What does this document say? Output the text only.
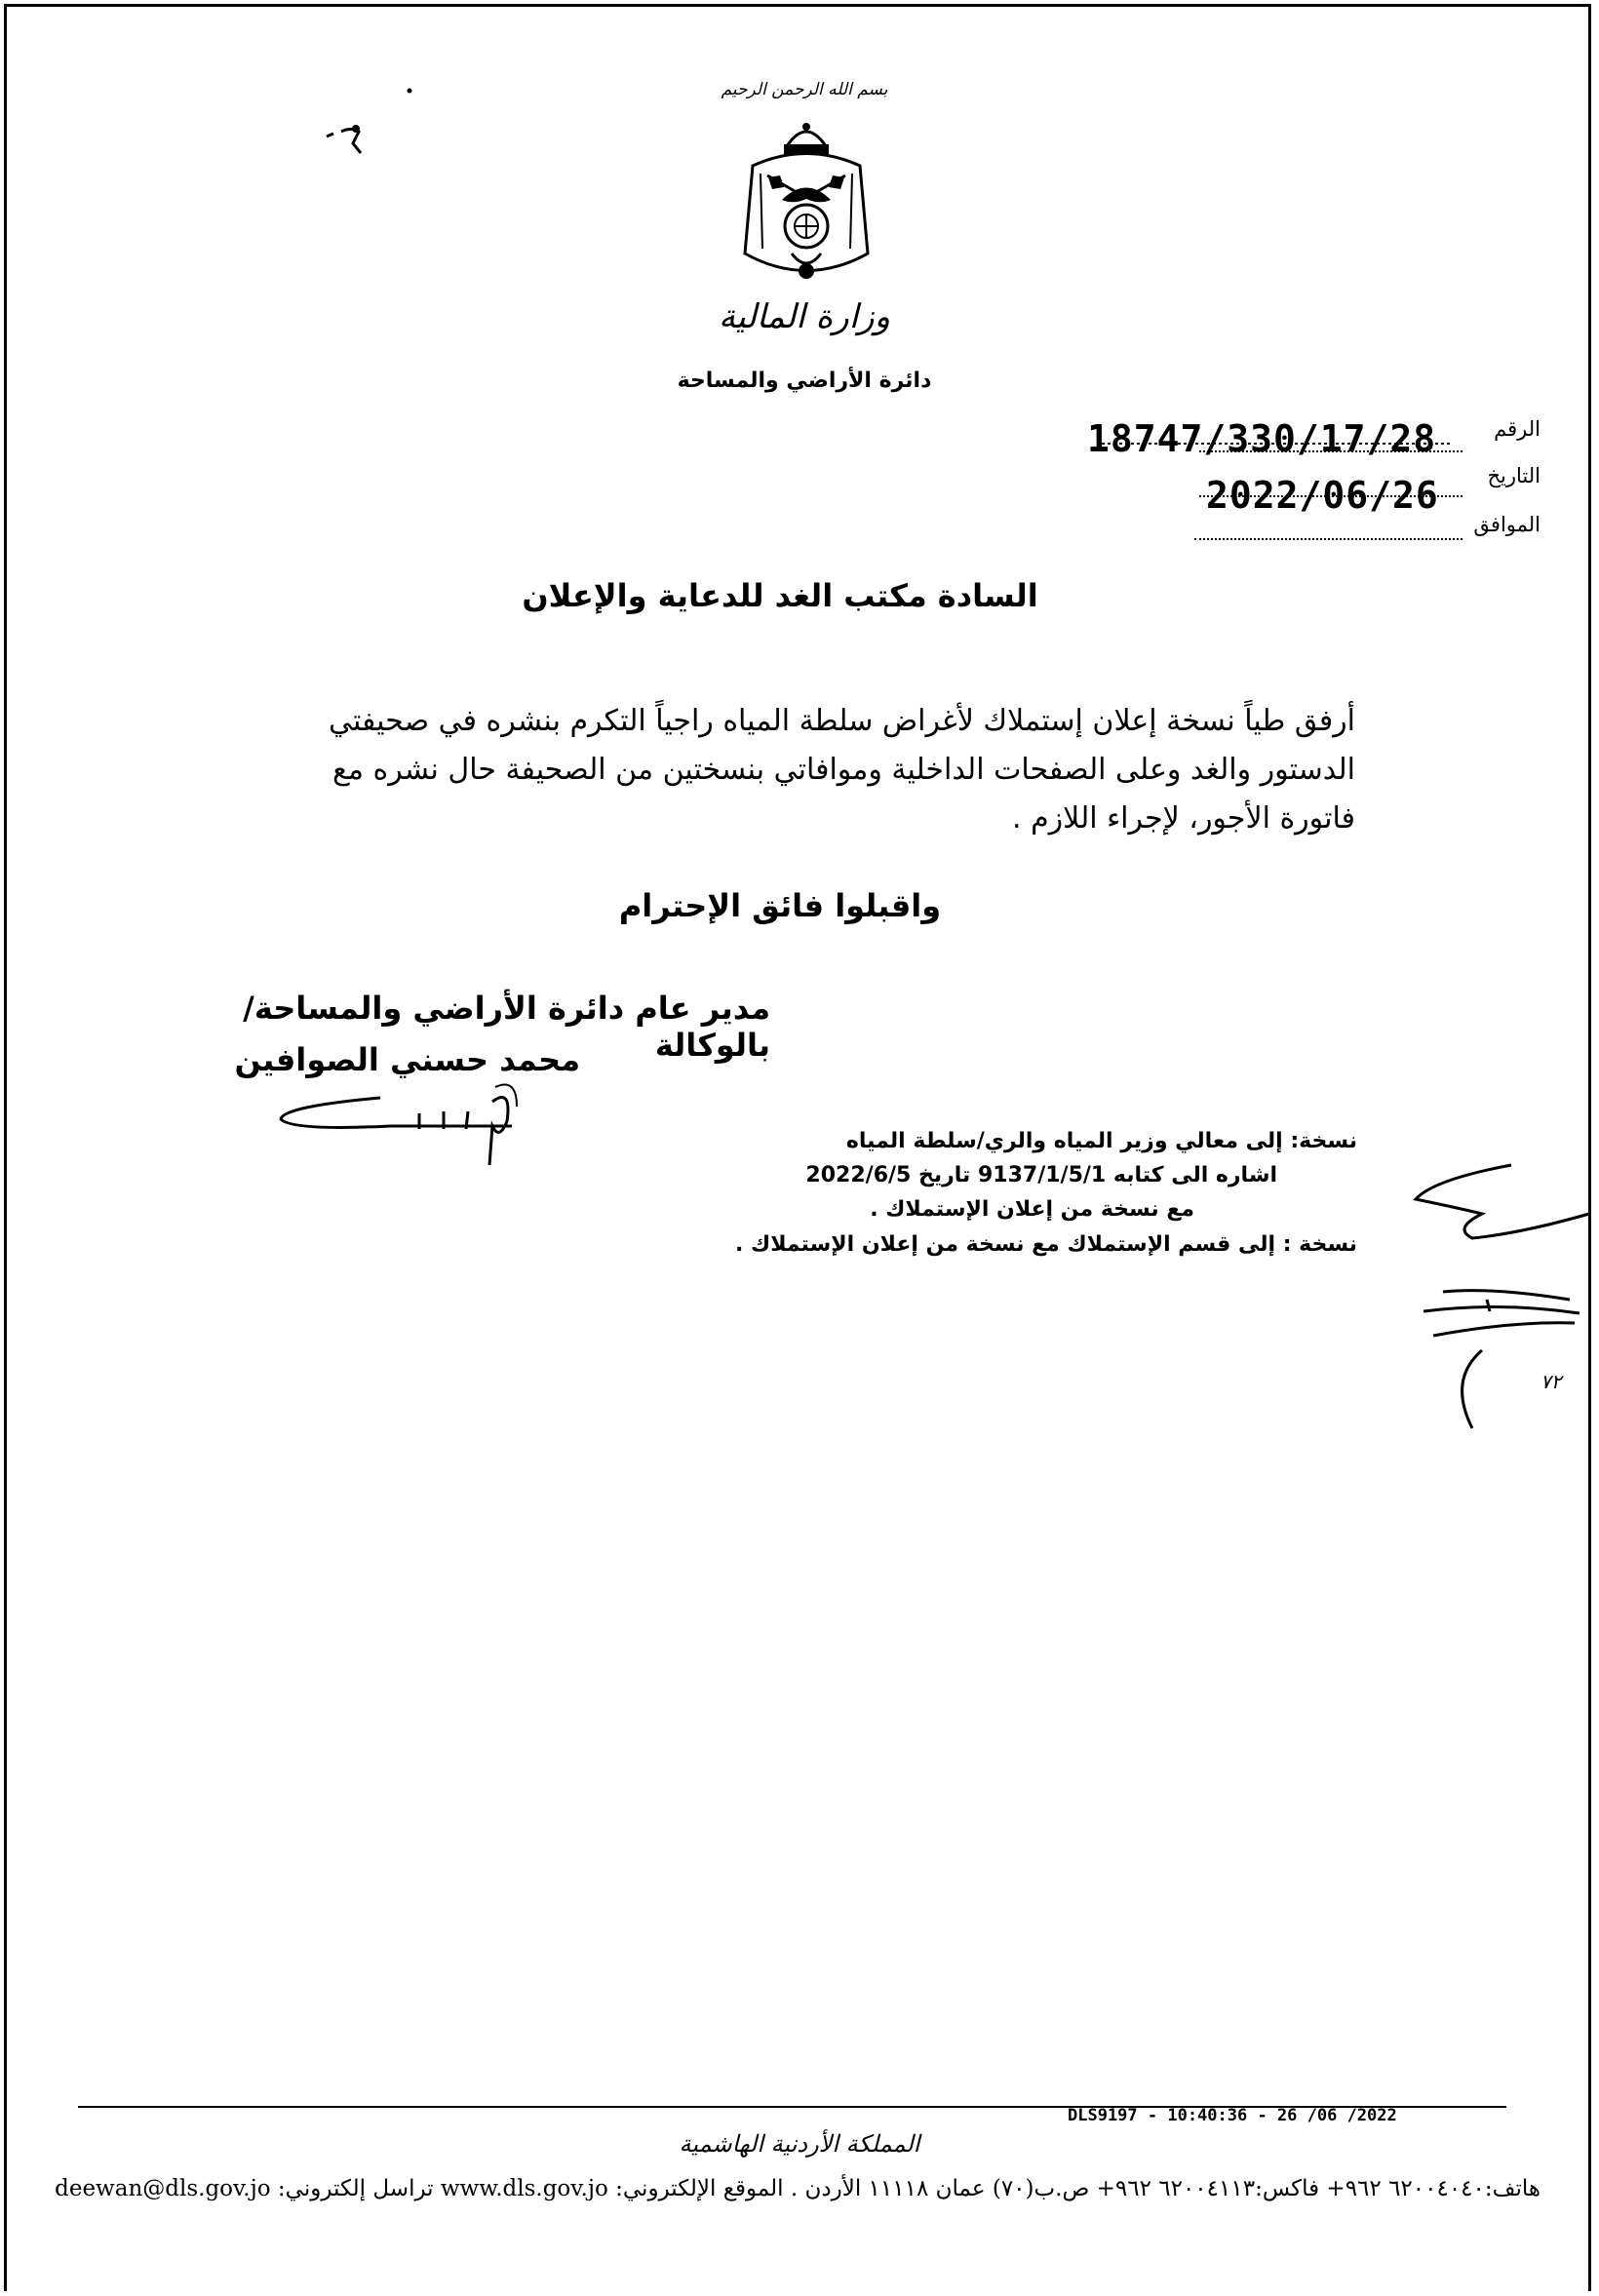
بسم الله الرحمن الرحيم
وزارة المالية
دائرة الأراضي والمساحة
الرقم
18747/330/17/28
التاريخ
2022/06/26
الموافق
السادة مكتب الغد للدعاية والإعلان
أرفق طياً نسخة إعلان إستملاك لأغراض سلطة المياه راجياً التكرم بنشره في صحيفتي
الدستور والغد وعلى الصفحات الداخلية وموافاتي بنسختين من الصحيفة حال نشره مع
فاتورة الأجور، لإجراء اللازم .
واقبلوا فائق الإحترام
مدير عام دائرة الأراضي والمساحة/بالوكالة
محمد حسني الصوافين
نسخة: إلى معالي وزير المياه والري/سلطة المياه
اشاره الى كتابه 9137/1/5/1 تاريخ 2022/6/5
مع نسخة من إعلان الإستملاك .
نسخة : إلى قسم الإستملاك مع نسخة من إعلان الإستملاك .
٧٢
DLS9197 - 10:40:36 - 26 /06 /2022
المملكة الأردنية الهاشمية
هاتف:٦٢٠٠٤٠٤٠ ٩٦٢+ فاكس:٦٢٠٠٤١١٣ ٩٦٢+ ص.ب(٧٠) عمان ١١١١٨ الأردن . الموقع الإلكتروني: www.dls.gov.jo تراسل إلكتروني: deewan@dls.gov.jo
